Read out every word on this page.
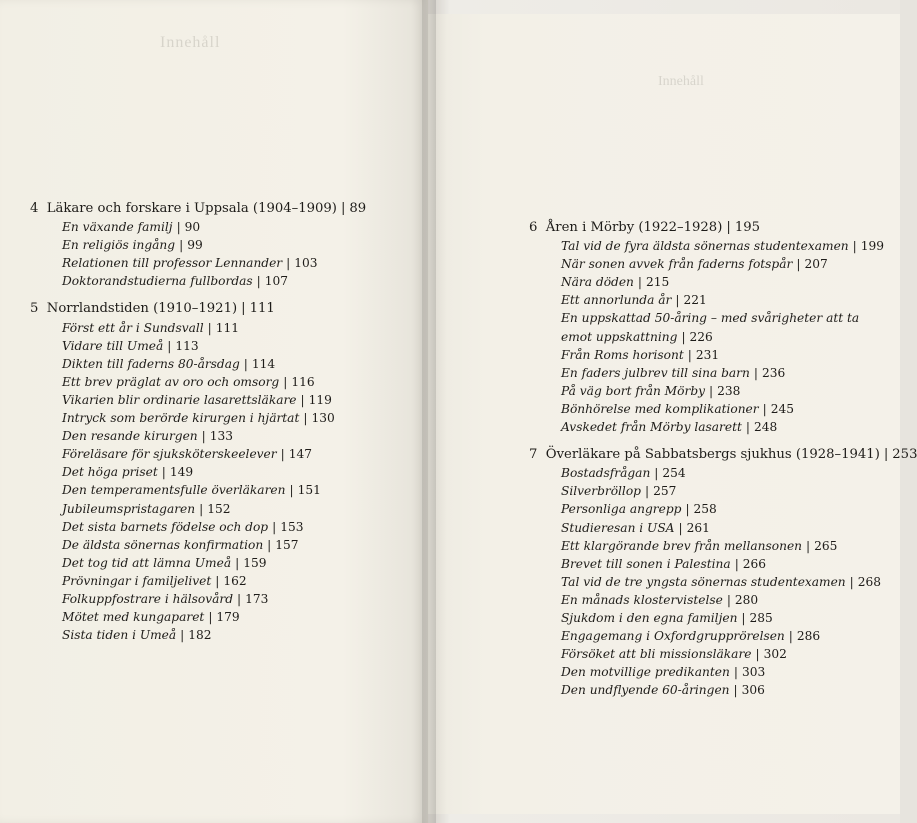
Innehåll
Innehåll
4 Läkare och forskare i Uppsala (1904–1909) | 89
En växande familj | 90
En religiös ingång | 99
Relationen till professor Lennander | 103
Doktorandstudierna fullbordas | 107
5 Norrlandstiden (1910–1921) | 111
Först ett år i Sundsvall | 111
Vidare till Umeå | 113
Dikten till faderns 80-årsdag | 114
Ett brev präglat av oro och omsorg | 116
Vikarien blir ordinarie lasarettsläkare | 119
Intryck som berörde kirurgen i hjärtat | 130
Den resande kirurgen | 133
Föreläsare för sjuksköterskeelever | 147
Det höga priset | 149
Den temperamentsfulle överläkaren | 151
Jubileumspristagaren | 152
Det sista barnets födelse och dop | 153
De äldsta sönernas konfirmation | 157
Det tog tid att lämna Umeå | 159
Prövningar i familjelivet | 162
Folkuppfostrare i hälsovård | 173
Mötet med kungaparet | 179
Sista tiden i Umeå | 182
6 Åren i Mörby (1922–1928) | 195
Tal vid de fyra äldsta sönernas studentexamen | 199
När sonen avvek från faderns fotspår | 207
Nära döden | 215
Ett annorlunda år | 221
En uppskattad 50-åring – med svårigheter att ta emot uppskattning | 226
Från Roms horisont | 231
En faders julbrev till sina barn | 236
På väg bort från Mörby | 238
Bönhörelse med komplikationer | 245
Avskedet från Mörby lasarett | 248
7 Överläkare på Sabbatsbergs sjukhus (1928–1941) | 253
Bostadsfrågan | 254
Silverbröllop | 257
Personliga angrepp | 258
Studieresan i USA | 261
Ett klargörande brev från mellansonen | 265
Brevet till sonen i Palestina | 266
Tal vid de tre yngsta sönernas studentexamen | 268
En månads klostervistelse | 280
Sjukdom i den egna familjen | 285
Engagemang i Oxfordgrupprörelsen | 286
Försöket att bli missionsläkare | 302
Den motvillige predikanten | 303
Den undflyende 60-åringen | 306
